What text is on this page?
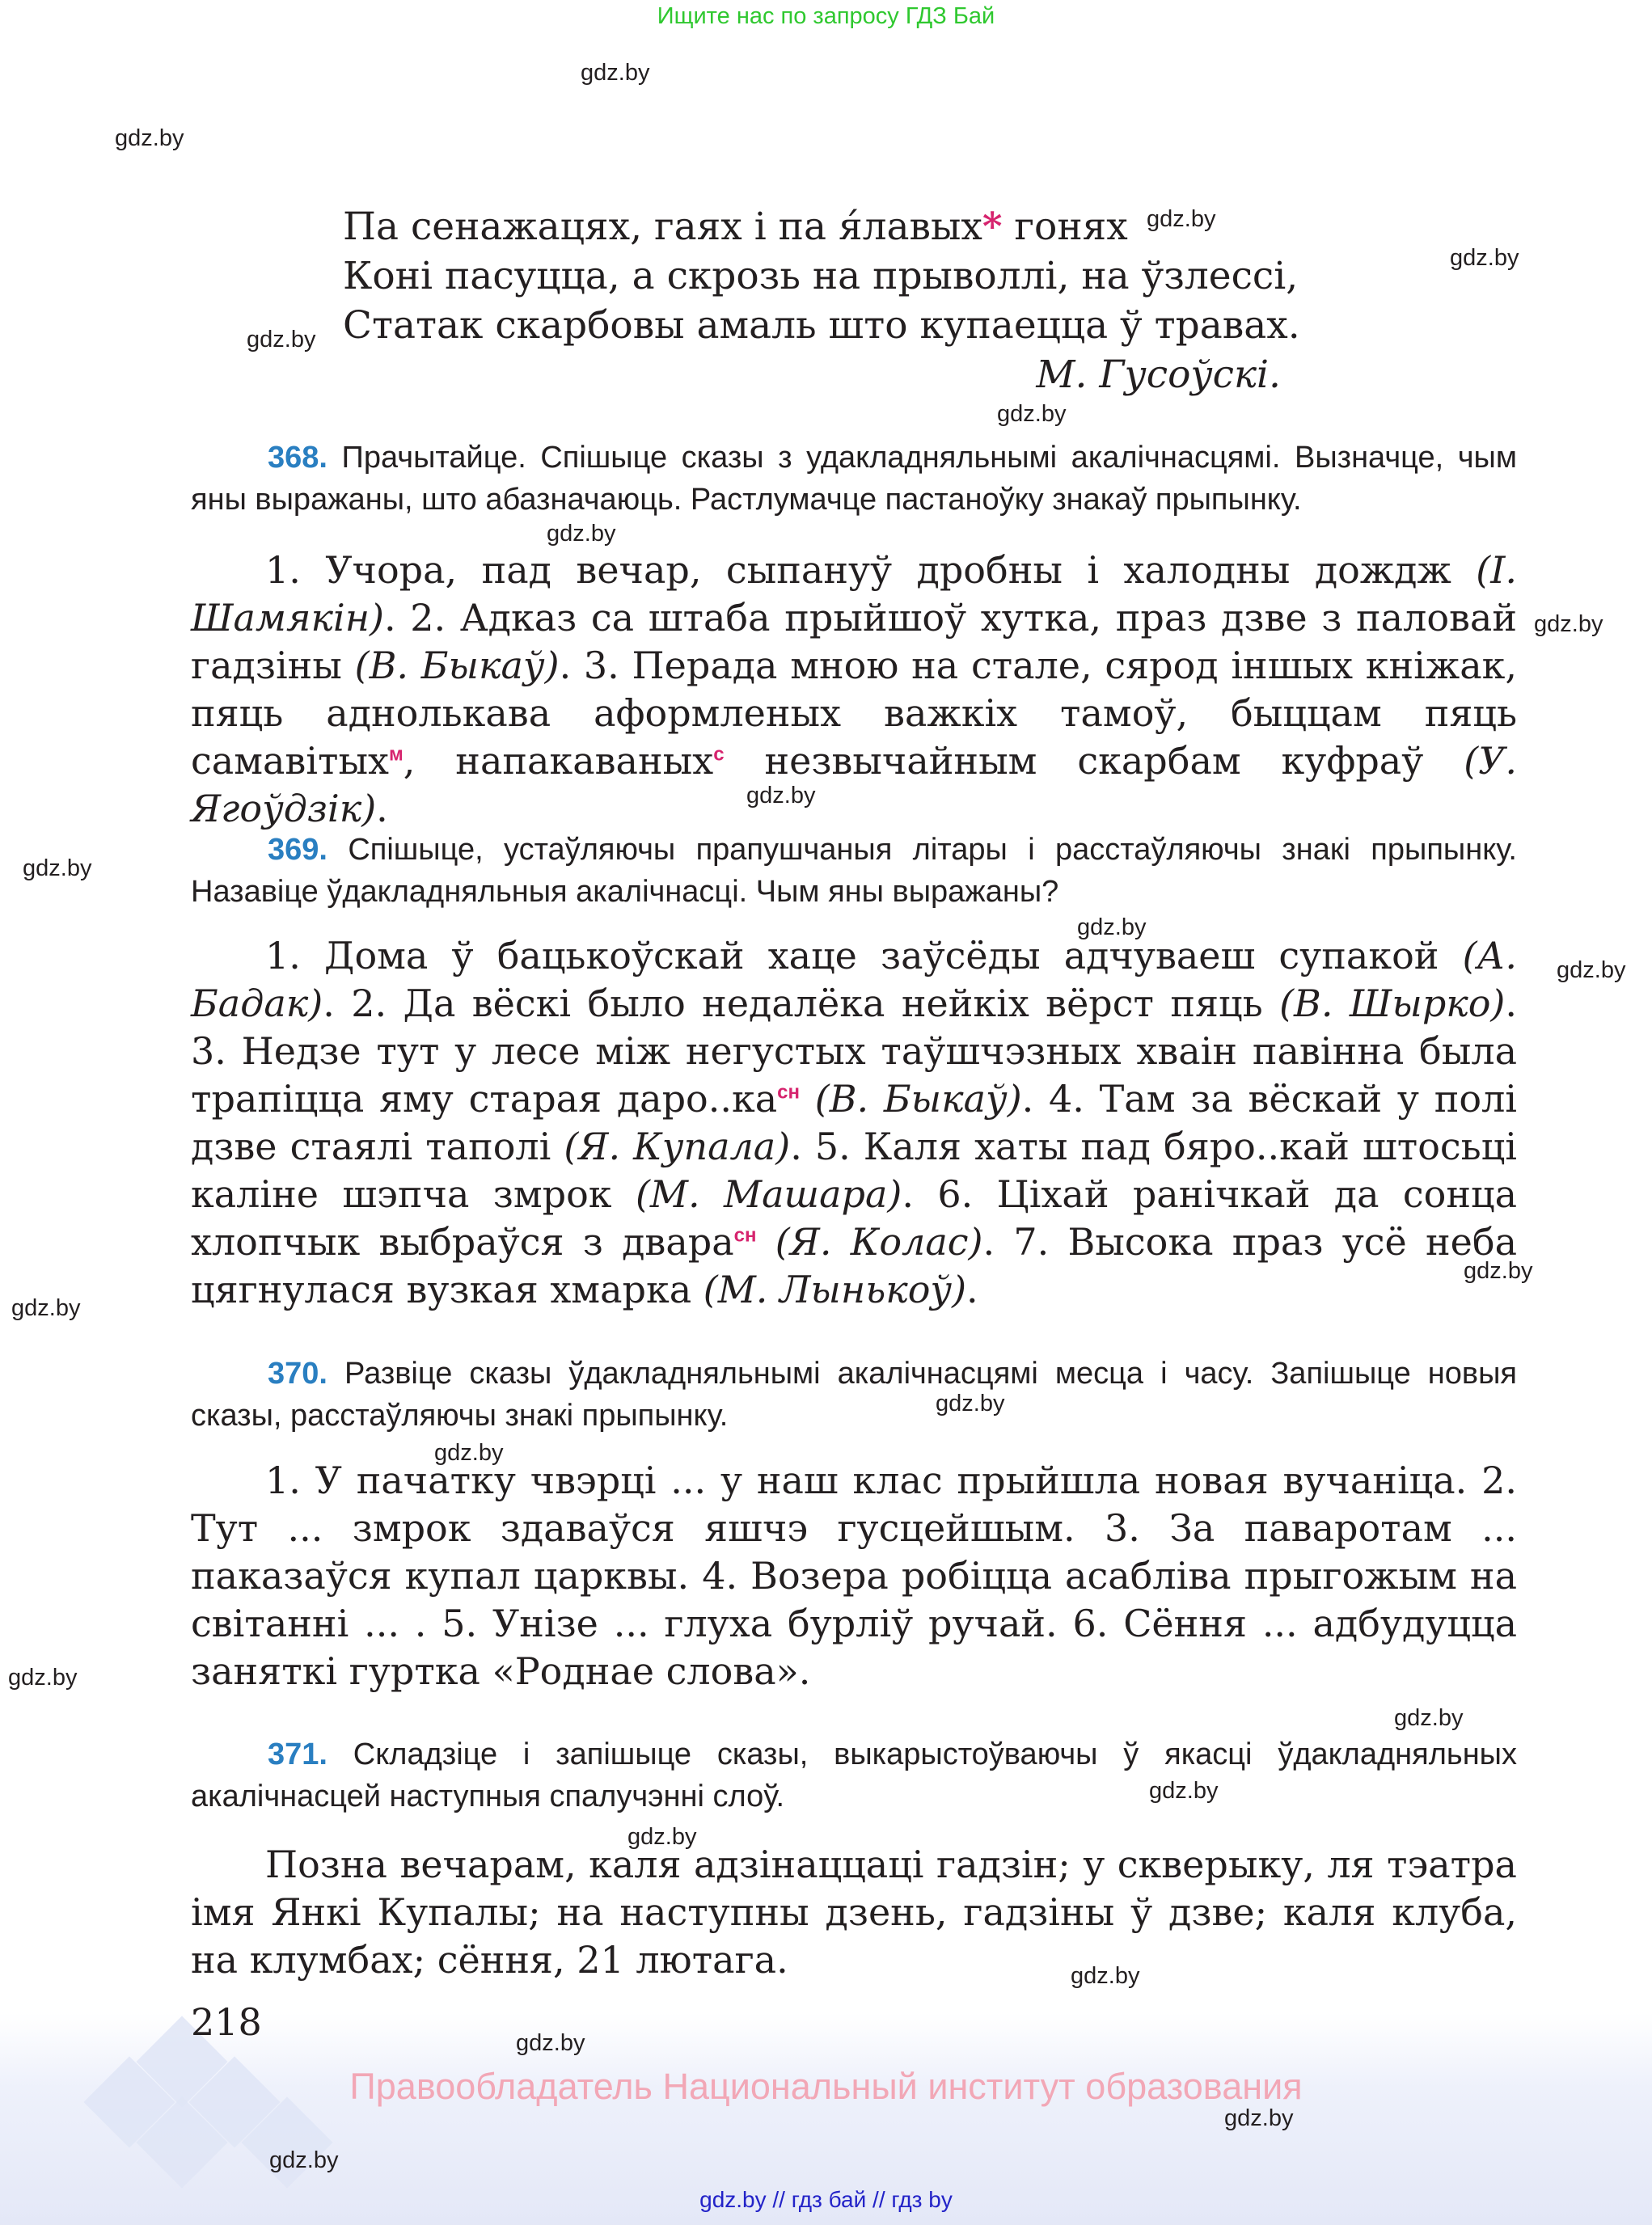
Ищите нас по запросу ГДЗ Бай
gdz.by
gdz.by
gdz.by
gdz.by
gdz.by
gdz.by
gdz.by
gdz.by
gdz.by
gdz.by
gdz.by
gdz.by
gdz.by
gdz.by
gdz.by
gdz.by
gdz.by
gdz.by
gdz.by
gdz.by
gdz.by
Па сенажацях, гаях і па я́лавых* гонях
Коні пасуцца, а скрозь на прыволлі, на ўзлессі,
Статак скарбовы амаль што купаецца ў травах.
М. Гусоўскі.
368. Прачытайце. Спішыце сказы з удакладняльнымі акалічнасцямі. Вызначце, чым яны выражаны, што абазначаюць. Растлумачце пастаноўку знакаў прыпынку.
1. Учора, пад вечар, сыпануў дробны і халодны дождж (І. Шамякін). 2. Адказ са штаба прыйшоў хутка, праз дзве з паловай гадзіны (В. Быкаў). 3. Перада мною на стале, сярод іншых кніжак, пяць аднолькава аформленых важкіх тамоў, быццам пяць самавітых$^м$, напакаваных$^с$ незвычайным скарбам куфраў (У. Ягоўдзік).
369. Спішыце, устаўляючы прапушчаныя літары і расстаўляючы знакі прыпынку. Назавіце ўдакладняльныя акалічнасці. Чым яны выражаны?
1. Дома ў бацькоўскай хаце заўсёды адчуваеш супакой (А. Бадак). 2. Да вёскі было недалёка нейкіх вёрст пяць (В. Шырко). 3. Недзе тут у лесе між негустых таўшчэзных хваін павінна была трапіцца яму старая $даро..ка^{сн}$ (В. Быкаў). 4. Там за вёскай у полі дзве стаялі таполі (Я. Купала). 5. Каля хаты пад бяро..кай штосьці каліне шэпча змрок (М. Машара). 6. Ціхай ранічкай да сонца хлопчык выбраўся з двара$^{сн}$ (Я. Колас). 7. Высока праз усё неба цягнулася вузкая хмарка (М. Лынькоў).
370. Развіце сказы ўдакладняльнымі акалічнасцямі месца і часу. Запішыце новыя сказы, расстаўляючы знакі прыпынку.
1. У пачатку чвэрці ... у наш клас прыйшла новая вучаніца. 2. Тут ... змрок здаваўся яшчэ гусцейшым. 3. За паваротам ... паказаўся купал царквы. 4. Возера робіцца асабліва прыгожым на світанні ... . 5. Унізе ... глуха бурліў ручай. 6. Сёння ... адбудуцца заняткі гуртка «Роднае слова».
371. Складзіце і запішыце сказы, выкарыстоўваючы ў якасці ўдакладняльных акалічнасцей наступныя спалучэнні слоў.
Позна вечарам, каля адзінаццаці гадзін; у скверыку, ля тэатра імя Янкі Купалы; на наступны дзень, гадзіны ў дзве; каля клуба, на клумбах; сёння, 21 лютага.
218	gdz.by
Правообладатель Национальный институт образования
gdz.by
gdz.by
gdz.by // гдз бай // гдз by
